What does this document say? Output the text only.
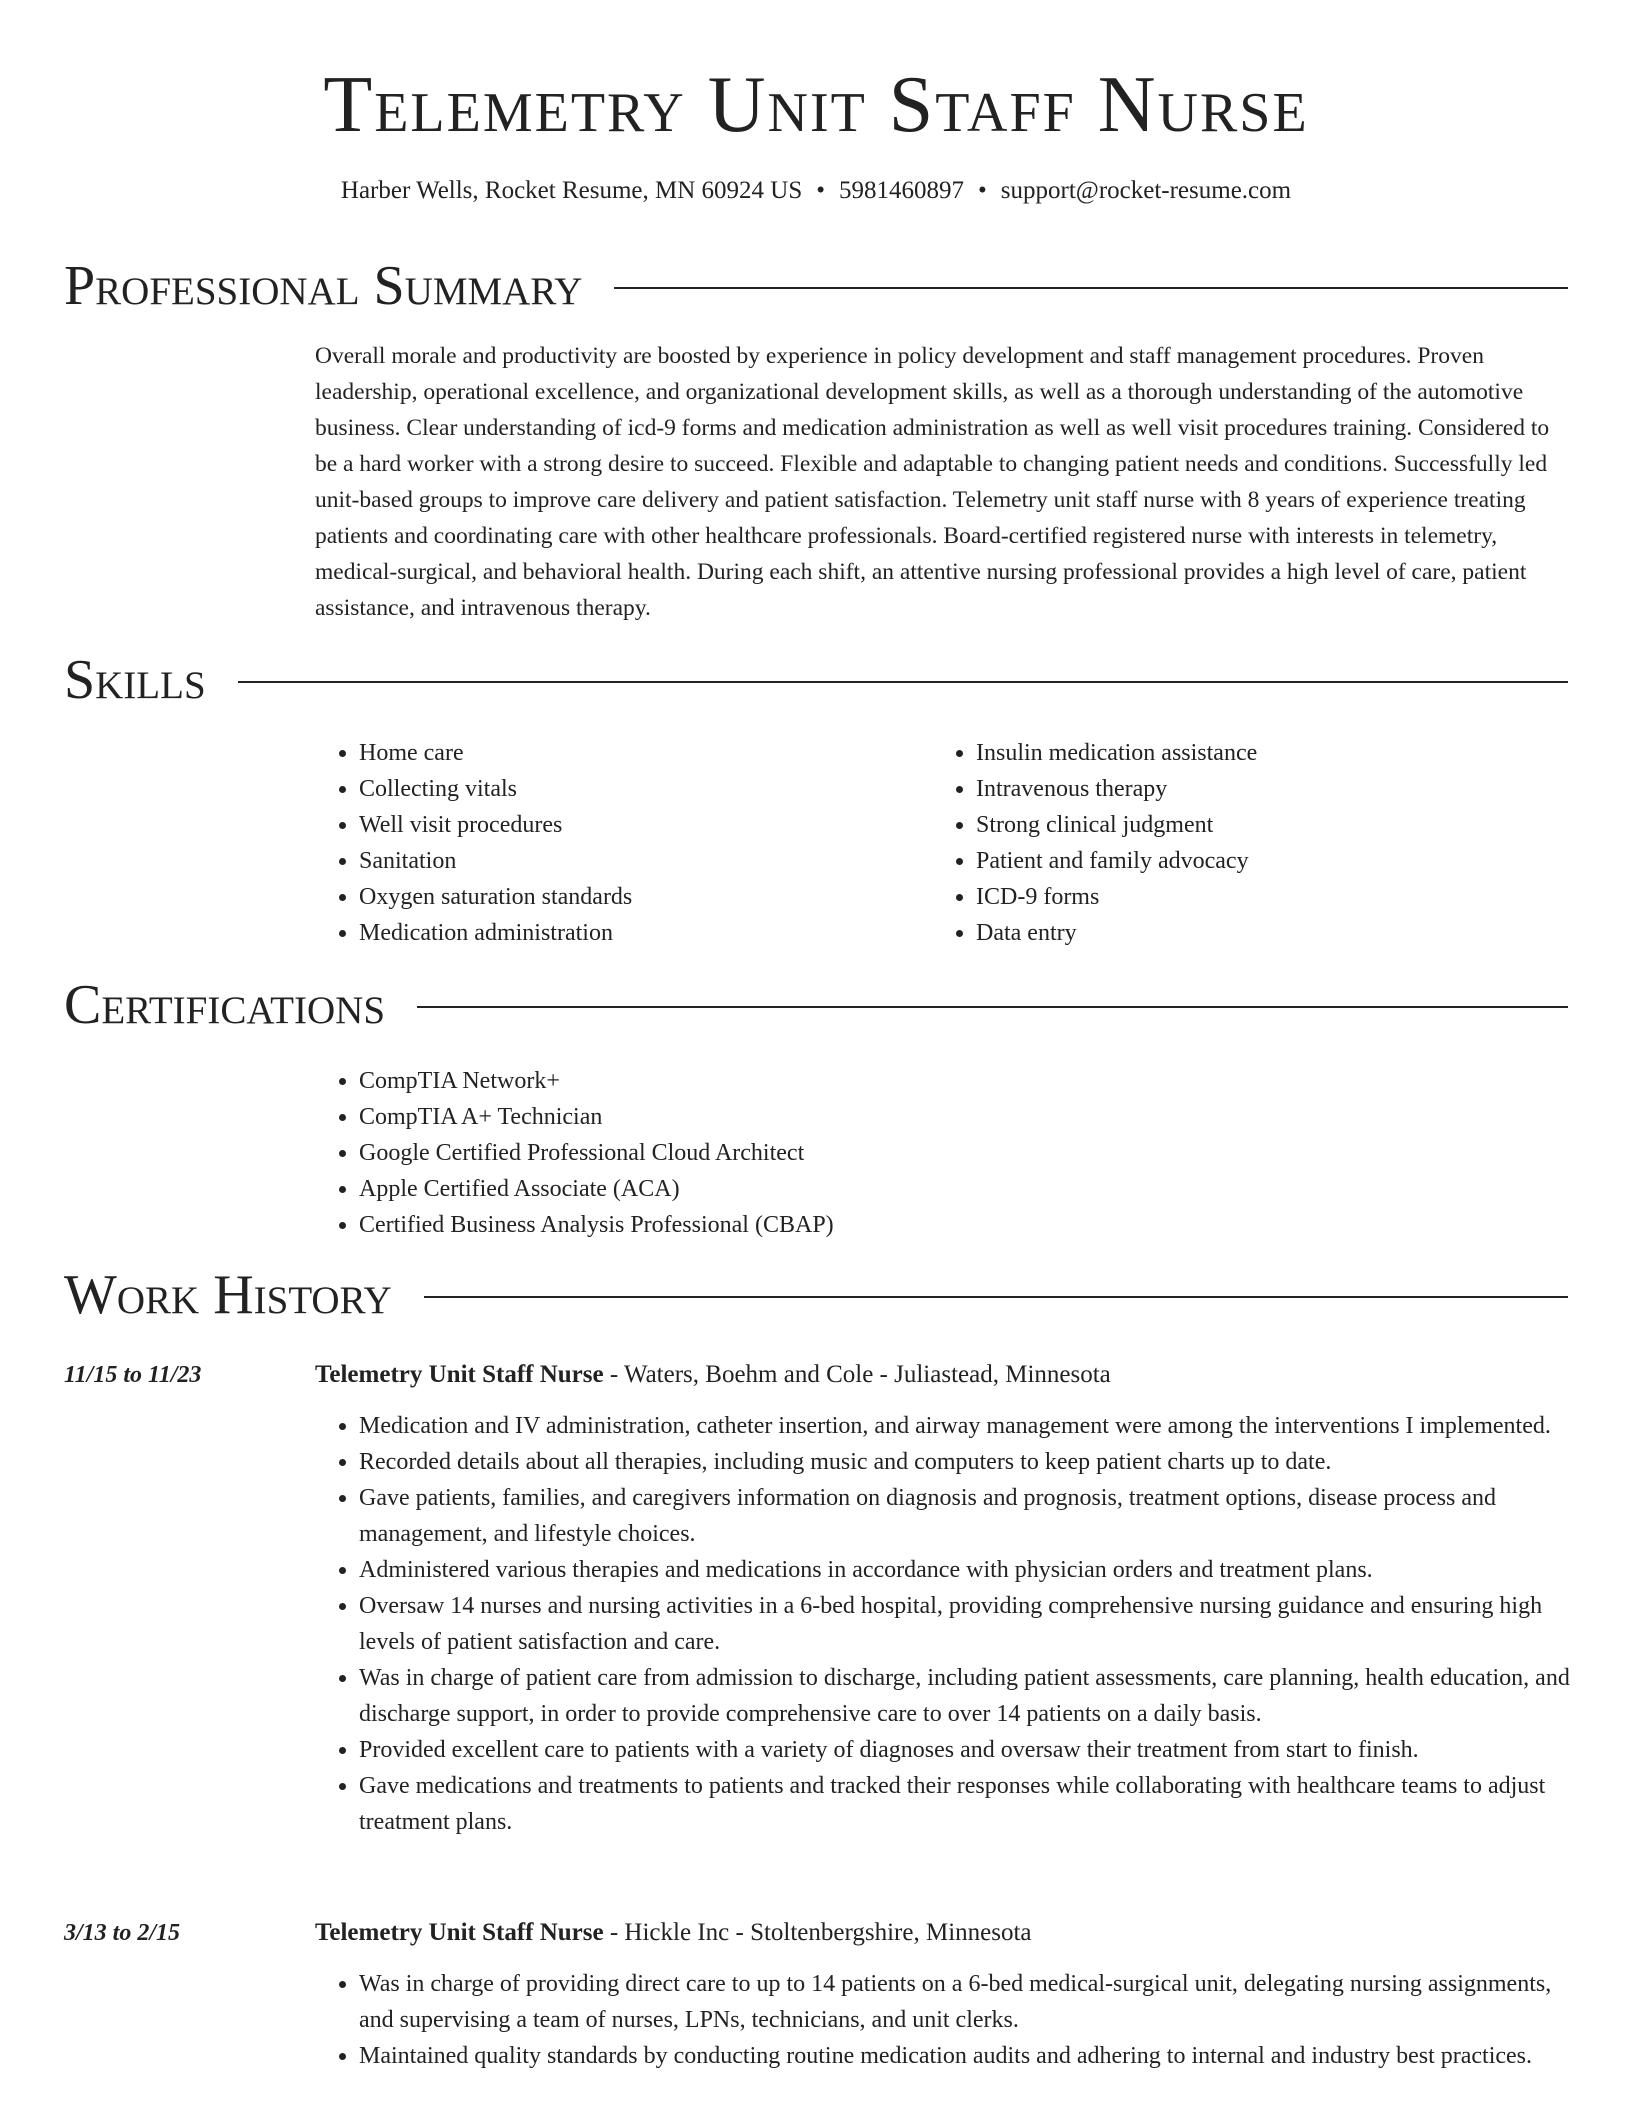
Telemetry Unit Staff Nurse
Harber Wells, Rocket Resume, MN 60924 US • 5981460897 • support@rocket-resume.com
Professional Summary
Overall morale and productivity are boosted by experience in policy development and staff management procedures. Proven leadership, operational excellence, and organizational development skills, as well as a thorough understanding of the automotive business. Clear understanding of icd-9 forms and medication administration as well as well visit procedures training. Considered to be a hard worker with a strong desire to succeed. Flexible and adaptable to changing patient needs and conditions. Successfully led unit-based groups to improve care delivery and patient satisfaction. Telemetry unit staff nurse with 8 years of experience treating patients and coordinating care with other healthcare professionals. Board-certified registered nurse with interests in telemetry, medical-surgical, and behavioral health. During each shift, an attentive nursing professional provides a high level of care, patient assistance, and intravenous therapy.
Skills
• Home care
• Collecting vitals
• Well visit procedures
• Sanitation
• Oxygen saturation standards
• Medication administration
• Insulin medication assistance
• Intravenous therapy
• Strong clinical judgment
• Patient and family advocacy
• ICD-9 forms
• Data entry
Certifications
• CompTIA Network+
• CompTIA A+ Technician
• Google Certified Professional Cloud Architect
• Apple Certified Associate (ACA)
• Certified Business Analysis Professional (CBAP)
Work History
11/15 to 11/23	Telemetry Unit Staff Nurse - Waters, Boehm and Cole - Juliastead, Minnesota
• Medication and IV administration, catheter insertion, and airway management were among the interventions I implemented.
• Recorded details about all therapies, including music and computers to keep patient charts up to date.
• Gave patients, families, and caregivers information on diagnosis and prognosis, treatment options, disease process and management, and lifestyle choices.
• Administered various therapies and medications in accordance with physician orders and treatment plans.
• Oversaw 14 nurses and nursing activities in a 6-bed hospital, providing comprehensive nursing guidance and ensuring high levels of patient satisfaction and care.
• Was in charge of patient care from admission to discharge, including patient assessments, care planning, health education, and discharge support, in order to provide comprehensive care to over 14 patients on a daily basis.
• Provided excellent care to patients with a variety of diagnoses and oversaw their treatment from start to finish.
• Gave medications and treatments to patients and tracked their responses while collaborating with healthcare teams to adjust treatment plans.
3/13 to 2/15	Telemetry Unit Staff Nurse - Hickle Inc - Stoltenbergshire, Minnesota
• Was in charge of providing direct care to up to 14 patients on a 6-bed medical-surgical unit, delegating nursing assignments, and supervising a team of nurses, LPNs, technicians, and unit clerks.
• Maintained quality standards by conducting routine medication audits and adhering to internal and industry best practices.
